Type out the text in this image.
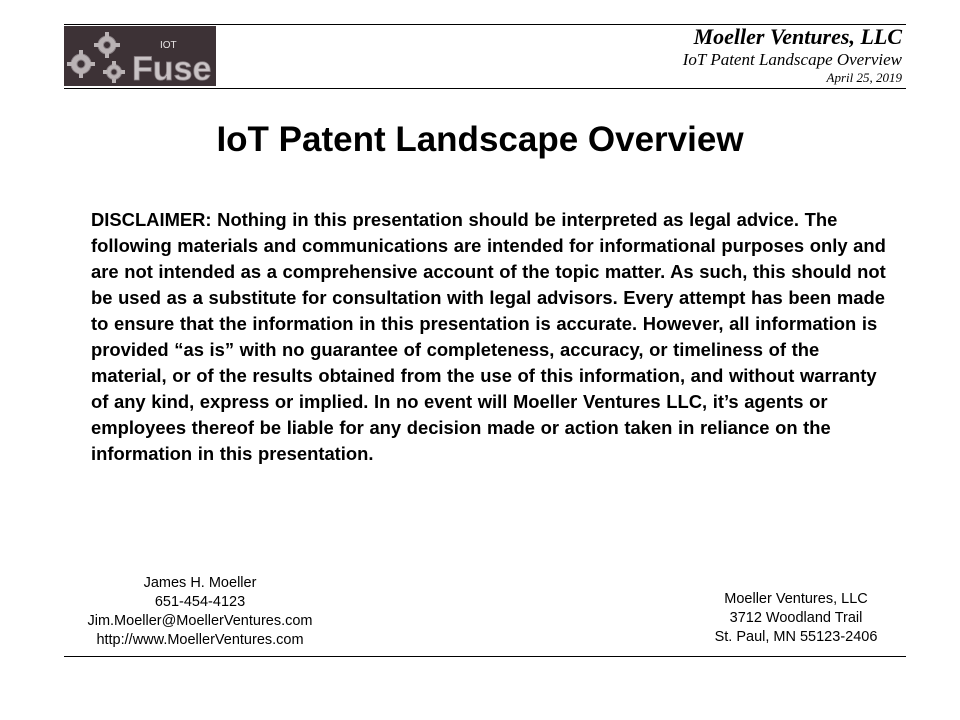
IOT
Fuse
Moeller Ventures, LLC
IoT Patent Landscape Overview
April 25, 2019
IoT Patent Landscape Overview
DISCLAIMER: Nothing in this presentation should be interpreted as legal advice. The following materials and communications are intended for informational purposes only and are not intended as a comprehensive account of the topic matter. As such, this should not be used as a substitute for consultation with legal advisors. Every attempt has been made to ensure that the information in this presentation is accurate. However, all information is provided “as is” with no guarantee of completeness, accuracy, or timeliness of the material, or of the results obtained from the use of this information, and without warranty of any kind, express or implied. In no event will Moeller Ventures LLC, it’s agents or employees thereof be liable for any decision made or action taken in reliance on the information in this presentation.
James H. Moeller
651-454-4123
Jim.Moeller@MoellerVentures.com
http://www.MoellerVentures.com
Moeller Ventures, LLC
3712 Woodland Trail
St. Paul, MN 55123-2406
